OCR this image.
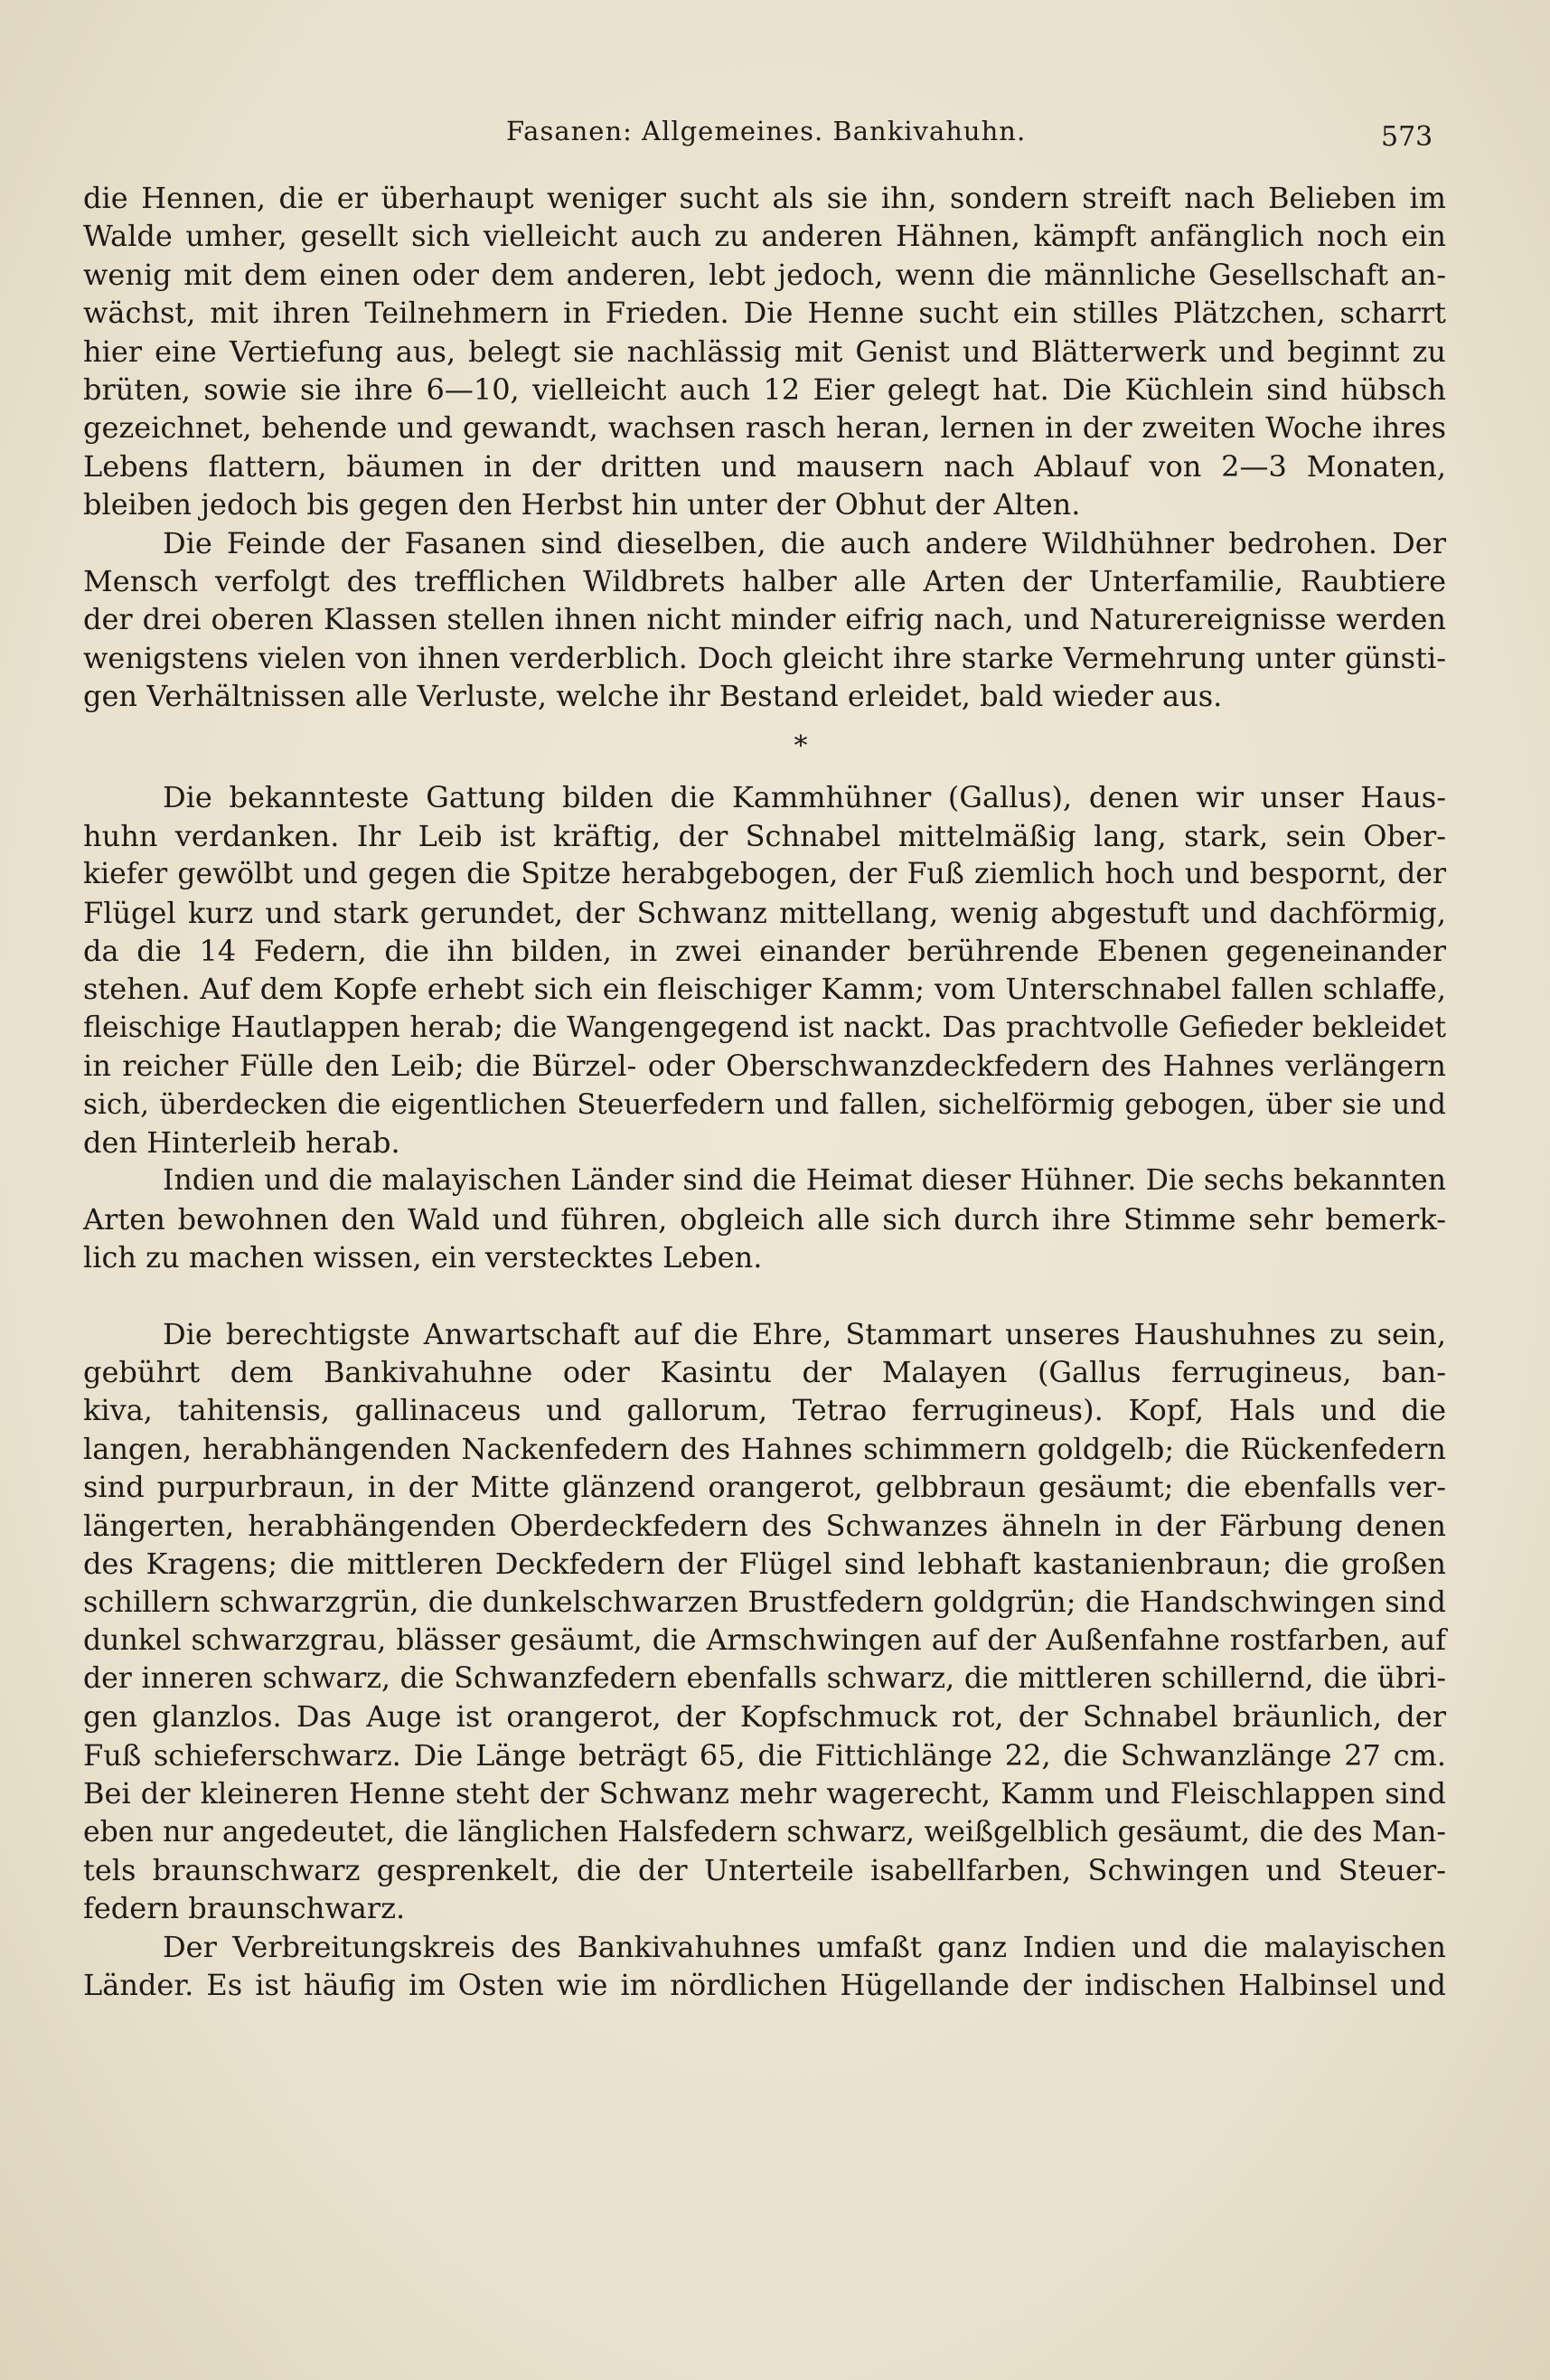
Fasanen: Allgemeines. Bankivahuhn.	573
die Hennen, die er überhaupt weniger sucht als sie ihn, sondern streift nach Belieben im
Walde umher, gesellt sich vielleicht auch zu anderen Hähnen, kämpft anfänglich noch ein
wenig mit dem einen oder dem anderen, lebt jedoch, wenn die männliche Gesellschaft an-
wächst, mit ihren Teilnehmern in Frieden. Die Henne sucht ein stilles Plätzchen, scharrt
hier eine Vertiefung aus, belegt sie nachlässig mit Genist und Blätterwerk und beginnt zu
brüten, sowie sie ihre 6—10, vielleicht auch 12 Eier gelegt hat. Die Küchlein sind hübsch
gezeichnet, behende und gewandt, wachsen rasch heran, lernen in der zweiten Woche ihres
Lebens flattern, bäumen in der dritten und mausern nach Ablauf von 2—3 Monaten,
bleiben jedoch bis gegen den Herbst hin unter der Obhut der Alten.
Die Feinde der Fasanen sind dieselben, die auch andere Wildhühner bedrohen. Der
Mensch verfolgt des trefflichen Wildbrets halber alle Arten der Unterfamilie, Raubtiere
der drei oberen Klassen stellen ihnen nicht minder eifrig nach, und Naturereignisse werden
wenigstens vielen von ihnen verderblich. Doch gleicht ihre starke Vermehrung unter günsti-
gen Verhältnissen alle Verluste, welche ihr Bestand erleidet, bald wieder aus.
*
Die bekannteste Gattung bilden die Kammhühner (Gallus), denen wir unser Haus-
huhn verdanken. Ihr Leib ist kräftig, der Schnabel mittelmäßig lang, stark, sein Ober-
kiefer gewölbt und gegen die Spitze herabgebogen, der Fuß ziemlich hoch und bespornt, der
Flügel kurz und stark gerundet, der Schwanz mittellang, wenig abgestuft und dachförmig,
da die 14 Federn, die ihn bilden, in zwei einander berührende Ebenen gegeneinander
stehen. Auf dem Kopfe erhebt sich ein fleischiger Kamm; vom Unterschnabel fallen schlaffe,
fleischige Hautlappen herab; die Wangengegend ist nackt. Das prachtvolle Gefieder bekleidet
in reicher Fülle den Leib; die Bürzel- oder Oberschwanzdeckfedern des Hahnes verlängern
sich, überdecken die eigentlichen Steuerfedern und fallen, sichelförmig gebogen, über sie und
den Hinterleib herab.
Indien und die malayischen Länder sind die Heimat dieser Hühner. Die sechs bekannten
Arten bewohnen den Wald und führen, obgleich alle sich durch ihre Stimme sehr bemerk-
lich zu machen wissen, ein verstecktes Leben.
Die berechtigste Anwartschaft auf die Ehre, Stammart unseres Haushuhnes zu sein,
gebührt dem Bankivahuhne oder Kasintu der Malayen (Gallus ferrugineus, ban-
kiva, tahitensis, gallinaceus und gallorum, Tetrao ferrugineus). Kopf, Hals und die
langen, herabhängenden Nackenfedern des Hahnes schimmern goldgelb; die Rückenfedern
sind purpurbraun, in der Mitte glänzend orangerot, gelbbraun gesäumt; die ebenfalls ver-
längerten, herabhängenden Oberdeckfedern des Schwanzes ähneln in der Färbung denen
des Kragens; die mittleren Deckfedern der Flügel sind lebhaft kastanienbraun; die großen
schillern schwarzgrün, die dunkelschwarzen Brustfedern goldgrün; die Handschwingen sind
dunkel schwarzgrau, blässer gesäumt, die Armschwingen auf der Außenfahne rostfarben, auf
der inneren schwarz, die Schwanzfedern ebenfalls schwarz, die mittleren schillernd, die übri-
gen glanzlos. Das Auge ist orangerot, der Kopfschmuck rot, der Schnabel bräunlich, der
Fuß schieferschwarz. Die Länge beträgt 65, die Fittichlänge 22, die Schwanzlänge 27 cm.
Bei der kleineren Henne steht der Schwanz mehr wagerecht, Kamm und Fleischlappen sind
eben nur angedeutet, die länglichen Halsfedern schwarz, weißgelblich gesäumt, die des Man-
tels braunschwarz gesprenkelt, die der Unterteile isabellfarben, Schwingen und Steuer-
federn braunschwarz.
Der Verbreitungskreis des Bankivahuhnes umfaßt ganz Indien und die malayischen
Länder. Es ist häufig im Osten wie im nördlichen Hügellande der indischen Halbinsel und
